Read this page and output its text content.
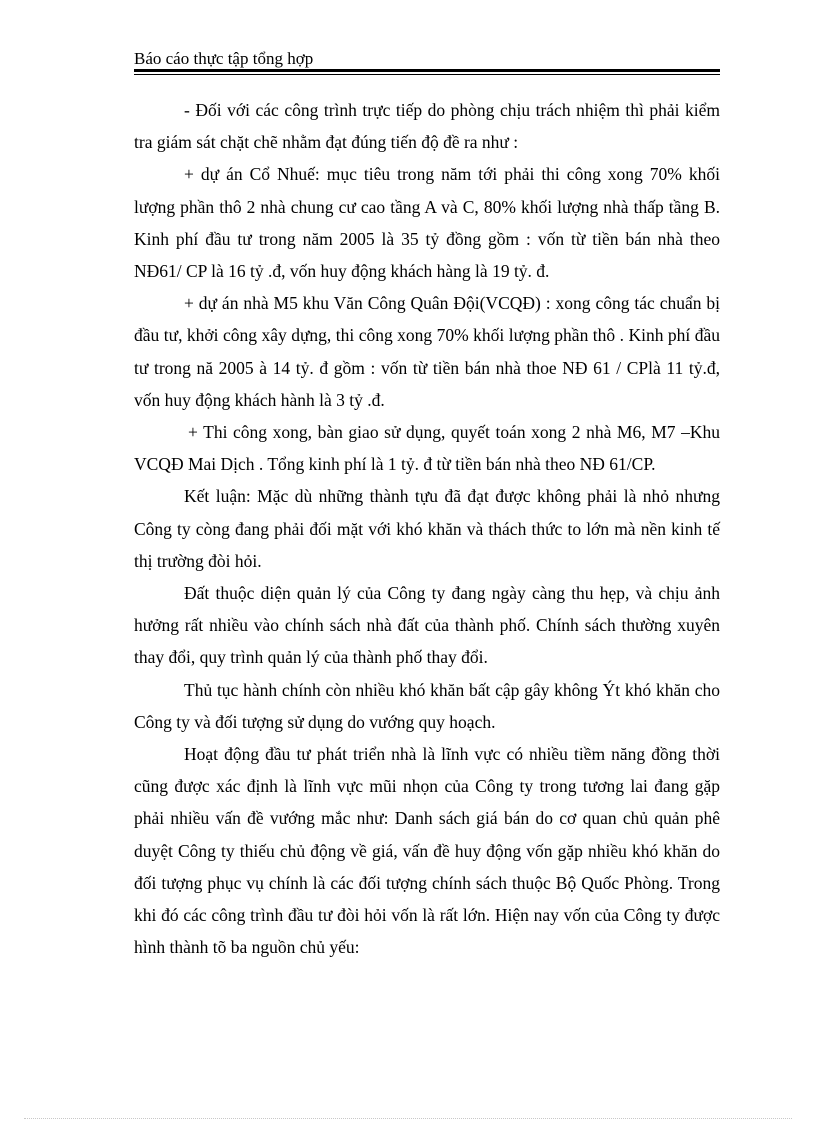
Báo cáo thực tập tổng hợp

- Đối với các công trình trực tiếp do phòng chịu trách nhiệm thì phải kiểm tra giám sát chặt chẽ nhằm đạt đúng tiến độ đề ra như :

+ dự án Cổ Nhuế: mục tiêu trong năm tới phải thi công xong 70% khối lượng phần thô 2 nhà chung cư cao tầng A và C, 80% khối lượng nhà thấp tầng B. Kinh phí đầu tư trong năm 2005 là 35 tỷ đồng gồm : vốn từ tiền bán nhà theo NĐ61/ CP là 16 tỷ .đ, vốn huy động khách hàng là 19 tỷ. đ.

+ dự án nhà M5 khu Văn Công Quân Đội(VCQĐ) : xong công tác chuẩn bị đầu tư, khởi công xây dựng, thi công xong 70% khối lượng phần thô . Kinh phí đầu tư trong nă 2005 à 14 tỷ. đ gồm : vốn từ tiền bán nhà thoe NĐ 61 / CPlà 11 tỷ.đ, vốn huy động khách hành là 3 tỷ .đ.

+ Thi công xong, bàn giao sử dụng, quyết toán xong 2 nhà M6, M7 –Khu VCQĐ Mai Dịch . Tổng kinh phí là 1 tỷ. đ từ tiền bán nhà theo NĐ 61/CP.

Kết luận: Mặc dù những thành tựu đã đạt được không phải là nhỏ nhưng Công ty còng đang phải đối mặt với khó khăn và thách thức to lớn mà nền kinh tế thị trường đòi hỏi.

Đất thuộc diện quản lý của Công ty đang ngày càng thu hẹp, và chịu ảnh hưởng rất nhiều vào chính sách nhà đất của thành phố. Chính sách thường xuyên thay đổi, quy trình quản lý của thành phố thay đổi.

Thủ tục hành chính còn nhiều khó khăn bất cập gây không Ýt khó khăn cho Công ty và đối tượng sử dụng do vướng quy hoạch.

Hoạt động đầu tư phát triển nhà là lĩnh vực có nhiều tiềm năng đồng thời cũng được xác định là lĩnh vực mũi nhọn của Công ty trong tương lai đang gặp phải nhiều vấn đề vướng mắc như: Danh sách giá bán do cơ quan chủ quản phê duyệt Công ty thiếu chủ động về giá, vấn đề huy động vốn gặp nhiều khó khăn do đối tượng phục vụ chính là các đối tượng chính sách thuộc Bộ Quốc Phòng. Trong khi đó các công trình đầu tư đòi hỏi vốn là rất lớn. Hiện nay vốn của Công ty được hình thành tõ ba nguồn chủ yếu:
